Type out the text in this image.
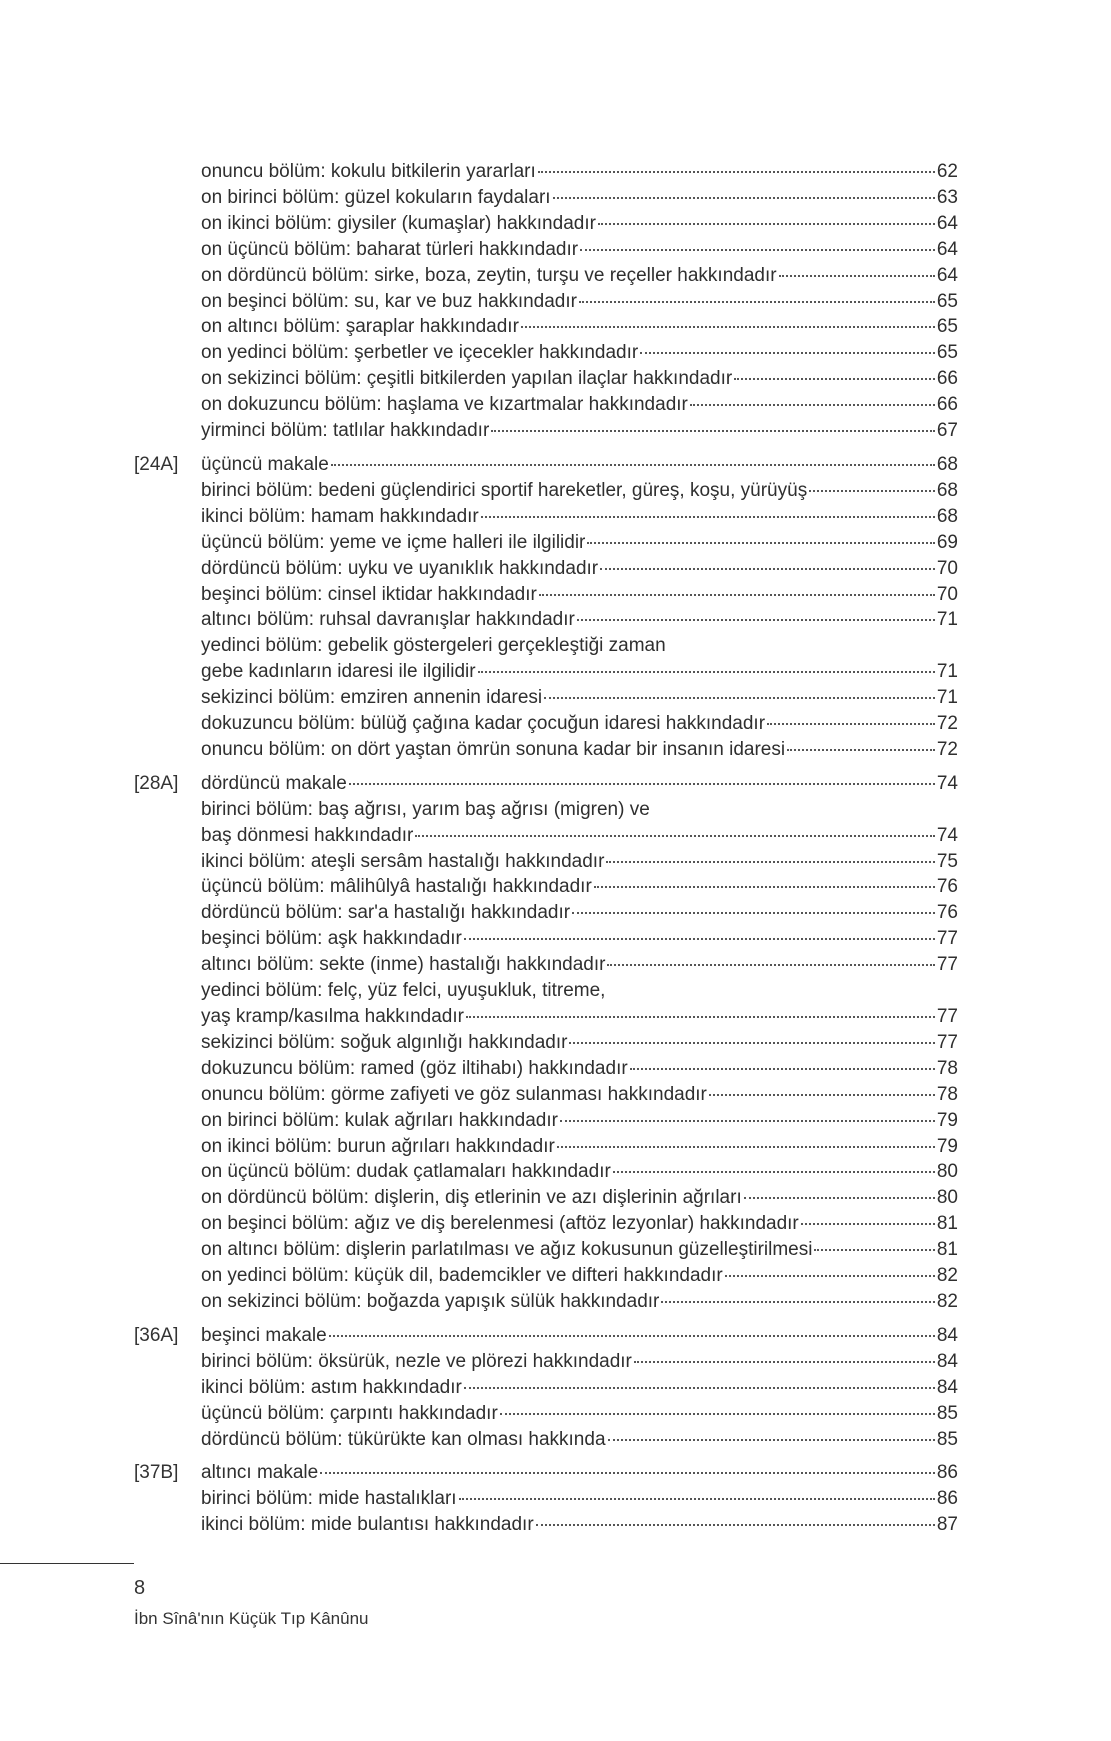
onuncu bölüm: kokulu bitkilerin yararları	62
on birinci bölüm: güzel kokuların faydaları	63
on ikinci bölüm: giysiler (kumaşlar) hakkındadır	64
on üçüncü bölüm: baharat türleri hakkındadır	64
on dördüncü bölüm: sirke, boza, zeytin, turşu ve reçeller hakkındadır	64
on beşinci bölüm: su, kar ve buz hakkındadır	65
on altıncı bölüm: şaraplar hakkındadır	65
on yedinci bölüm: şerbetler ve içecekler hakkındadır	65
on sekizinci bölüm: çeşitli bitkilerden yapılan ilaçlar hakkındadır	66
on dokuzuncu bölüm: haşlama ve kızartmalar hakkındadır	66
yirminci bölüm: tatlılar hakkındadır	67
[24A] üçüncü makale	68
birinci bölüm: bedeni güçlendirici sportif hareketler, güreş, koşu, yürüyüş	68
ikinci bölüm: hamam hakkındadır	68
üçüncü bölüm: yeme ve içme halleri ile ilgilidir	69
dördüncü bölüm: uyku ve uyanıklık hakkındadır	70
beşinci bölüm: cinsel iktidar hakkındadır	70
altıncı bölüm: ruhsal davranışlar hakkındadır	71
yedinci bölüm: gebelik göstergeleri gerçekleştiği zaman
gebe kadınların idaresi ile ilgilidir	71
sekizinci bölüm: emziren annenin idaresi	71
dokuzuncu bölüm: bülüğ çağına kadar çocuğun idaresi hakkındadır	72
onuncu bölüm: on dört yaştan ömrün sonuna kadar bir insanın idaresi	72
[28A] dördüncü makale	74
birinci bölüm: baş ağrısı, yarım baş ağrısı (migren) ve
baş dönmesi hakkındadır	74
ikinci bölüm: ateşli sersâm hastalığı hakkındadır	75
üçüncü bölüm: mâlihûlyâ hastalığı hakkındadır	76
dördüncü bölüm: sar'a hastalığı hakkındadır	76
beşinci bölüm: aşk hakkındadır	77
altıncı bölüm: sekte (inme) hastalığı hakkındadır	77
yedinci bölüm: felç, yüz felci, uyuşukluk, titreme,
yaş kramp/kasılma hakkındadır	77
sekizinci bölüm: soğuk algınlığı hakkındadır	77
dokuzuncu bölüm: ramed (göz iltihabı) hakkındadır	78
onuncu bölüm: görme zafiyeti ve göz sulanması hakkındadır	78
on birinci bölüm: kulak ağrıları hakkındadır	79
on ikinci bölüm: burun ağrıları hakkındadır	79
on üçüncü bölüm: dudak çatlamaları hakkındadır	80
on dördüncü bölüm: dişlerin, diş etlerinin ve azı dişlerinin ağrıları	80
on beşinci bölüm: ağız ve diş berelenmesi (aftöz lezyonlar) hakkındadır	81
on altıncı bölüm: dişlerin parlatılması ve ağız kokusunun güzelleştirilmesi	81
on yedinci bölüm: küçük dil, bademcikler ve difteri hakkındadır	82
on sekizinci bölüm: boğazda yapışık sülük hakkındadır	82
[36A] beşinci makale	84
birinci bölüm: öksürük, nezle ve plörezi hakkındadır	84
ikinci bölüm: astım hakkındadır	84
üçüncü bölüm: çarpıntı hakkındadır	85
dördüncü bölüm: tükürükte kan olması hakkında	85
[37B] altıncı makale	86
birinci bölüm: mide hastalıkları	86
ikinci bölüm: mide bulantısı hakkındadır	87
8
İbn Sînâ'nın Küçük Tıp Kânûnu
